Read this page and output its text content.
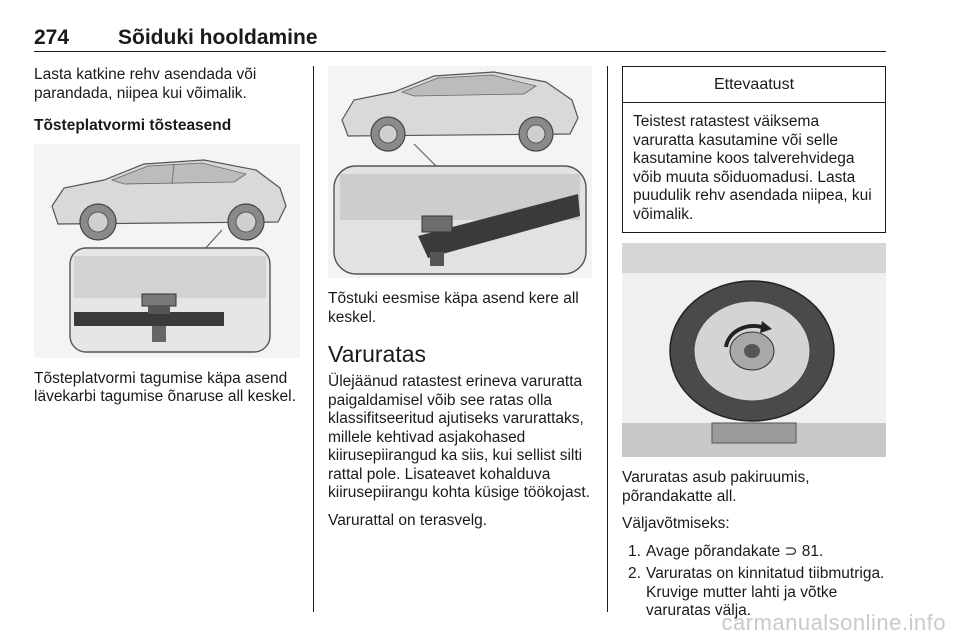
274 Sõiduki hooldamine

Lasta katkine rehv asendada või parandada, niipea kui võimalik.

Tõsteplatvormi tõsteasend

Tõsteplatvormi tagumise käpa asend lävekarbi tagumise õnaruse all keskel.

Tõstuki eesmise käpa asend kere all keskel.

Varuratas

Ülejäänud ratastest erineva varuratta paigaldamisel võib see ratas olla klassifitseeritud ajutiseks varurattaks, millele kehtivad asjakohased kiirusepiirangud ka siis, kui sellist silti rattal pole. Lisateavet kohalduva kiirusepiirangu kohta küsige töökojast.

Varurattal on terasvelg.

Ettevaatust
Teistest ratastest väiksema varuratta kasutamine või selle kasutamine koos talverehvidega võib muuta sõiduomadusi. Lasta puudulik rehv asendada niipea, kui võimalik.

Varuratas asub pakiruumis, põrandakatte all.

Väljavõtmiseks:

1. Avage põrandakate ⊃ 81.
2. Varuratas on kinnitatud tiibmutriga. Kruvige mutter lahti ja võtke varuratas välja.
carmanualsonline.info
